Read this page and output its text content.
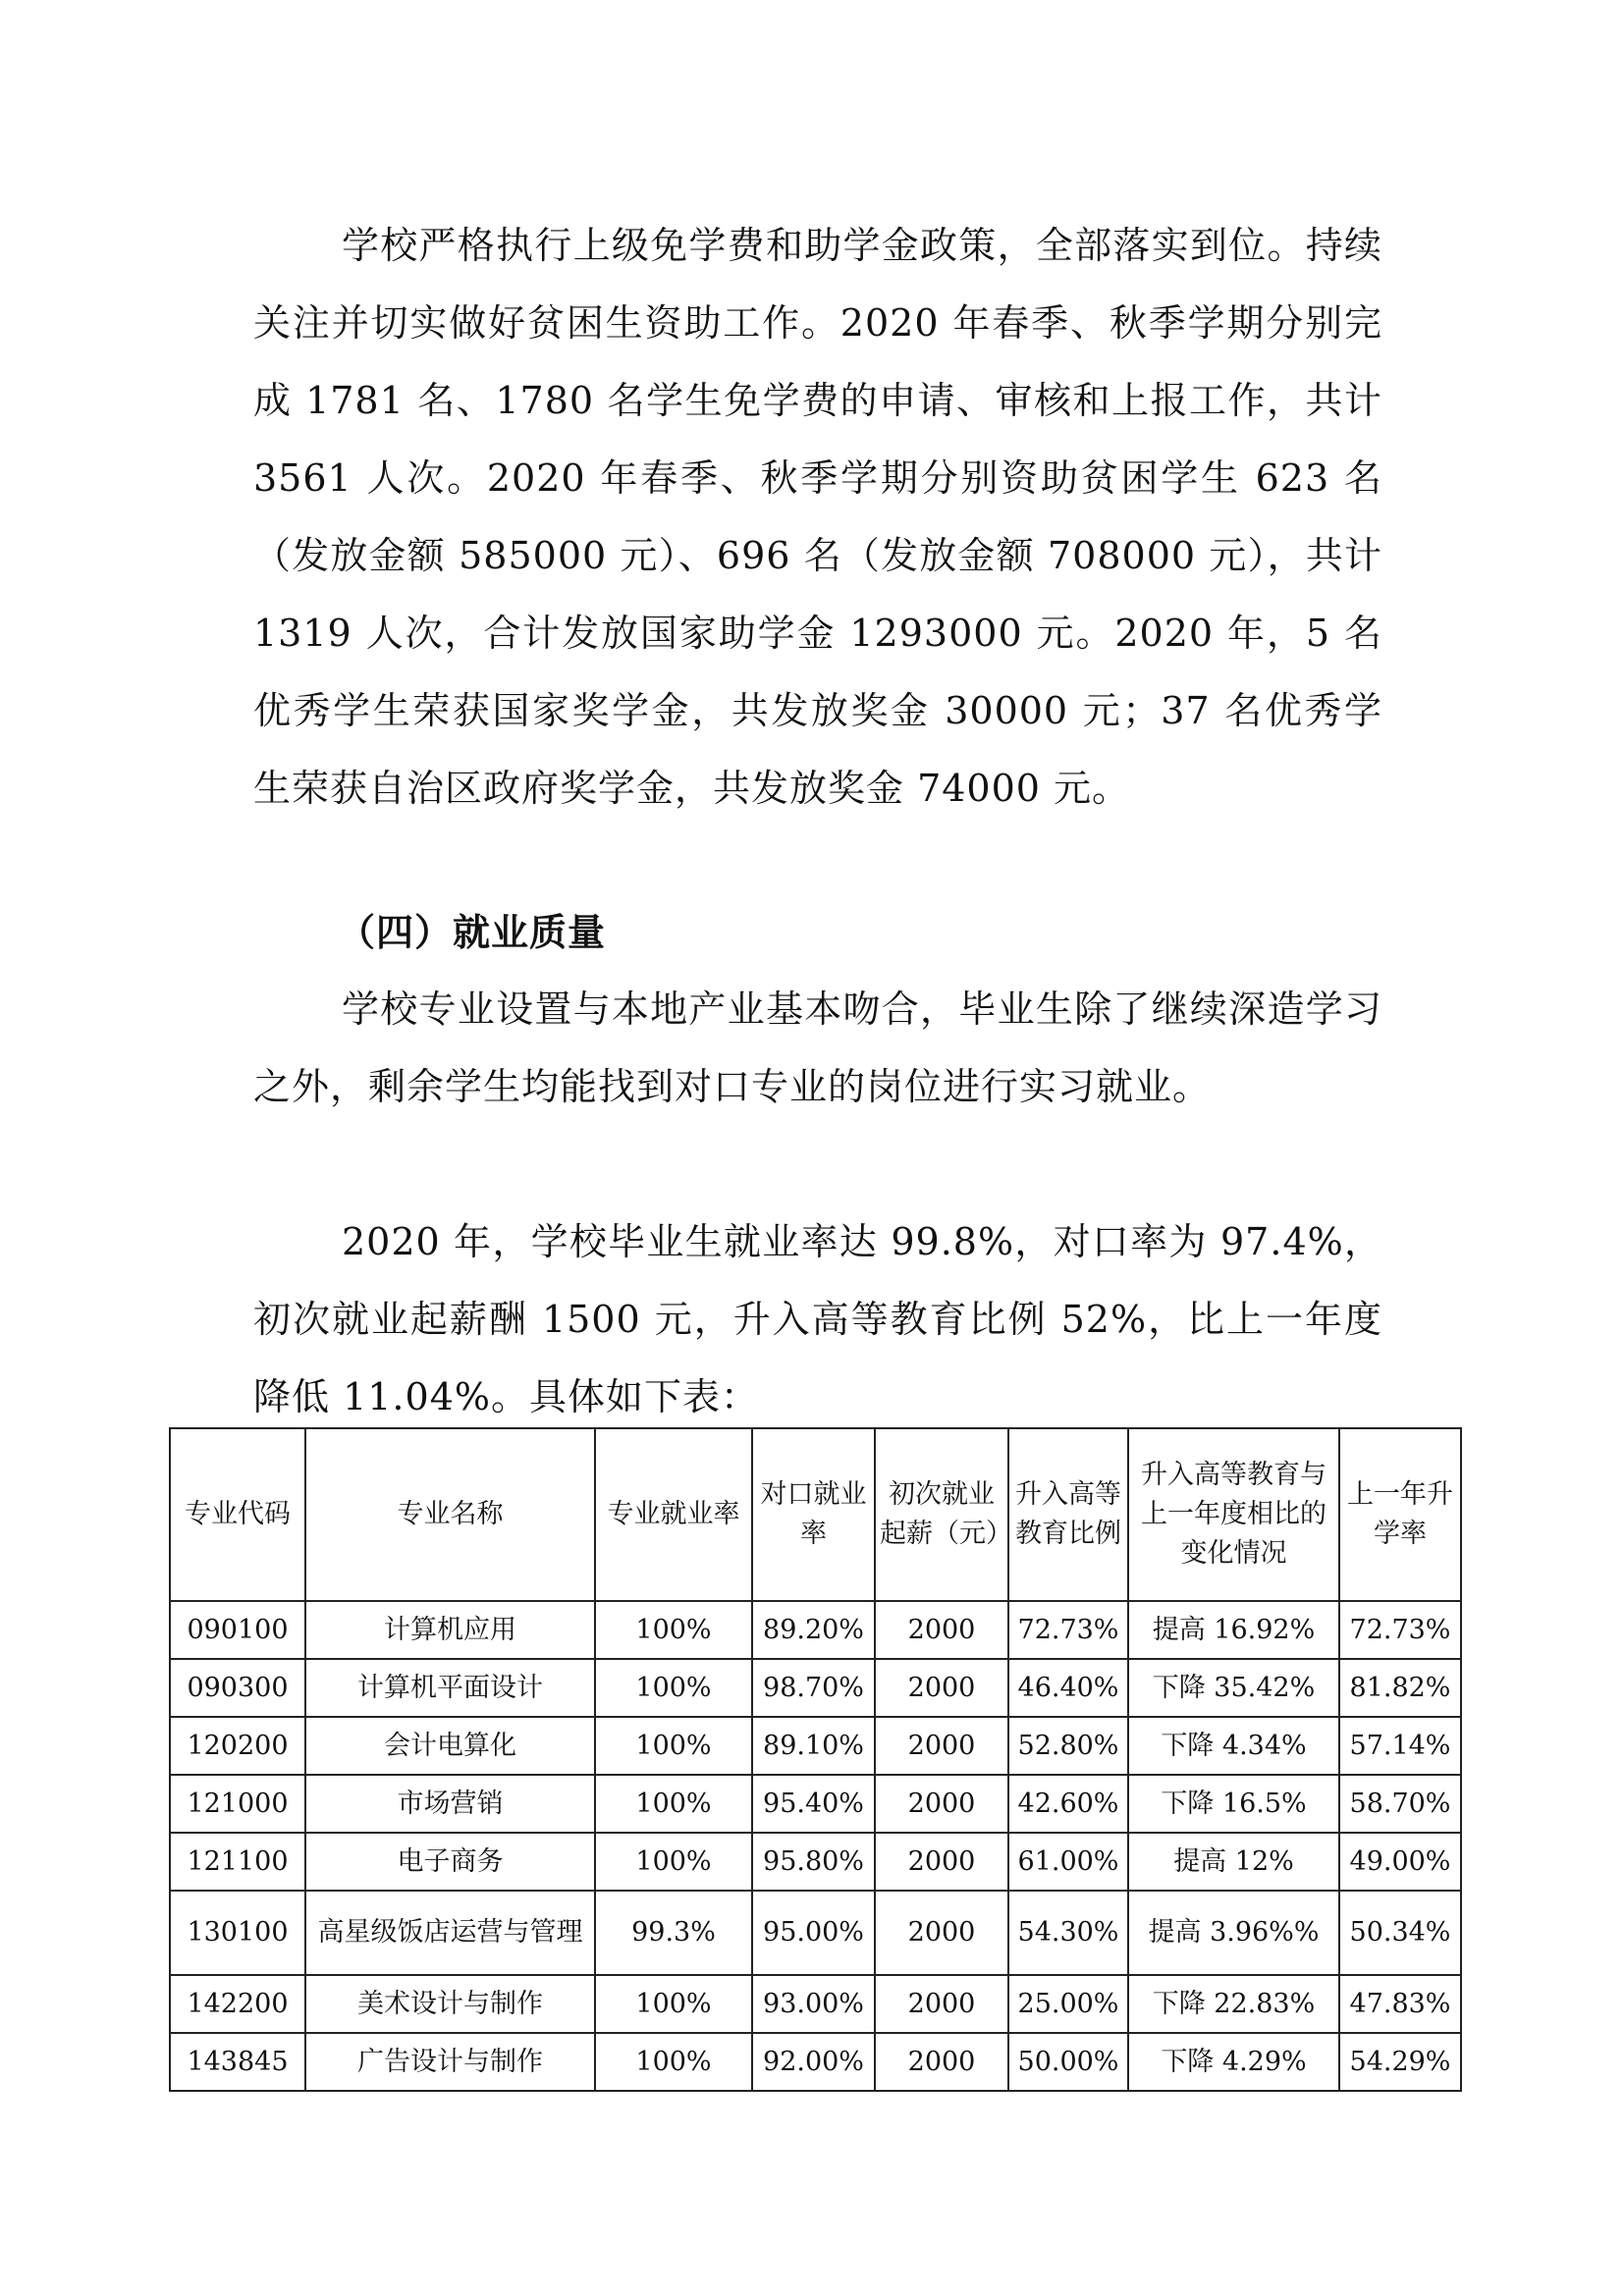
学校严格执行上级免学费和助学金政策，全部落实到位。持续关注并切实做好贫困生资助工作。2020 年春季、秋季学期分别完成 1781 名、1780 名学生免学费的申请、审核和上报工作，共计 3561 人次。2020 年春季、秋季学期分别资助贫困学生 623 名（发放金额 585000 元）、696 名（发放金额 708000 元），共计 1319 人次，合计发放国家助学金 1293000 元。2020 年，5 名优秀学生荣获国家奖学金，共发放奖金 30000 元；37 名优秀学生荣获自治区政府奖学金，共发放奖金 74000 元。

（四）就业质量

学校专业设置与本地产业基本吻合，毕业生除了继续深造学习之外，剩余学生均能找到对口专业的岗位进行实习就业。

2020 年，学校毕业生就业率达 99.8%，对口率为 97.4%，初次就业起薪酬 1500 元，升入高等教育比例 52%，比上一年度降低 11.04%。具体如下表：

专业代码	专业名称	专业就业率	对口就业率	初次就业起薪（元）	升入高等教育比例	升入高等教育与上一年度相比的变化情况	上一年升学率
090100	计算机应用	100%	89.20%	2000	72.73%	提高 16.92%	72.73%
090300	计算机平面设计	100%	98.70%	2000	46.40%	下降 35.42%	81.82%
120200	会计电算化	100%	89.10%	2000	52.80%	下降 4.34%	57.14%
121000	市场营销	100%	95.40%	2000	42.60%	下降 16.5%	58.70%
121100	电子商务	100%	95.80%	2000	61.00%	提高 12%	49.00%
130100	高星级饭店运营与管理	99.3%	95.00%	2000	54.30%	提高 3.96%%	50.34%
142200	美术设计与制作	100%	93.00%	2000	25.00%	下降 22.83%	47.83%
143845	广告设计与制作	100%	92.00%	2000	50.00%	下降 4.29%	54.29%
